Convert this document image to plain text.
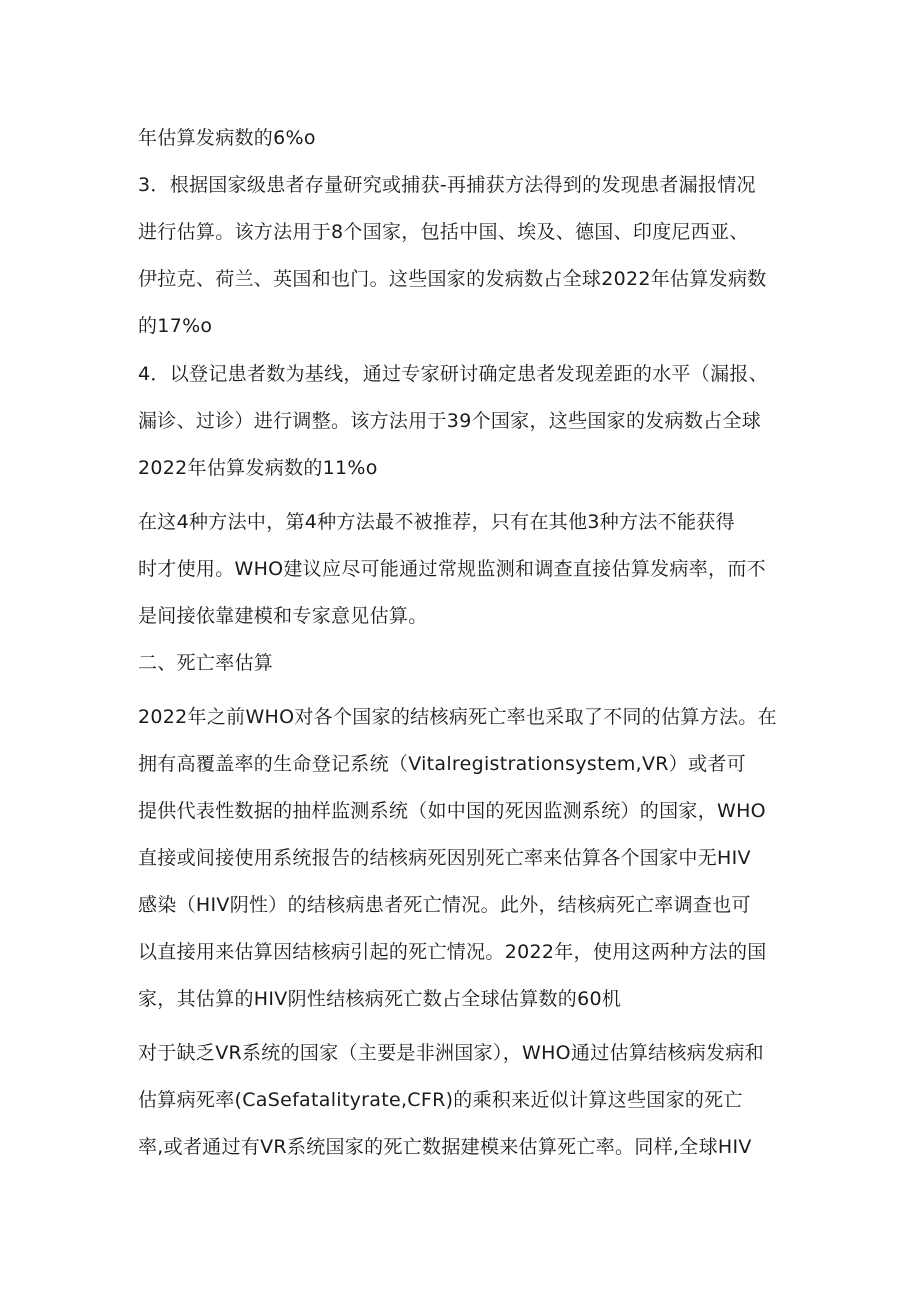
年估算发病数的6%o
3．根据国家级患者存量研究或捕获-再捕获方法得到的发现患者漏报情况
进行估算。该方法用于8个国家，包括中国、埃及、德国、印度尼西亚、
伊拉克、荷兰、英国和也门。这些国家的发病数占全球2022年估算发病数
的17%o
4．以登记患者数为基线，通过专家研讨确定患者发现差距的水平（漏报、
漏诊、过诊）进行调整。该方法用于39个国家，这些国家的发病数占全球
2022年估算发病数的11%o
在这4种方法中，第4种方法最不被推荐，只有在其他3种方法不能获得
时才使用。WHO建议应尽可能通过常规监测和调查直接估算发病率，而不
是间接依靠建模和专家意见估算。
二、死亡率估算
2022年之前WHO对各个国家的结核病死亡率也采取了不同的估算方法。在
拥有高覆盖率的生命登记系统（Vitalregistrationsystem,VR）或者可
提供代表性数据的抽样监测系统（如中国的死因监测系统）的国家，WHO
直接或间接使用系统报告的结核病死因别死亡率来估算各个国家中无HIV
感染（HIV阴性）的结核病患者死亡情况。此外，结核病死亡率调查也可
以直接用来估算因结核病引起的死亡情况。2022年，使用这两种方法的国
家，其估算的HIV阴性结核病死亡数占全球估算数的60机
对于缺乏VR系统的国家（主要是非洲国家），WHO通过估算结核病发病和
估算病死率(CaSefatalityrate,CFR)的乘积来近似计算这些国家的死亡
率,或者通过有VR系统国家的死亡数据建模来估算死亡率。同样,全球HIV
